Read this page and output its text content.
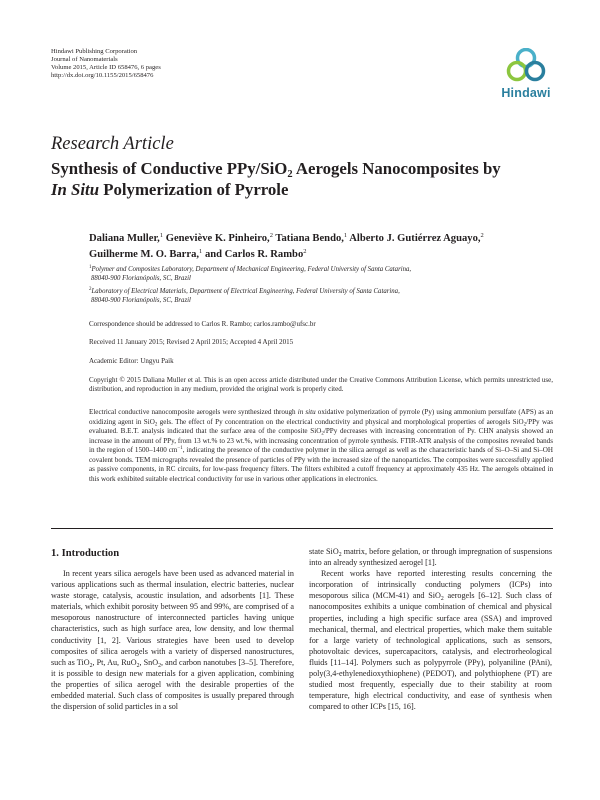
Hindawi Publishing Corporation
Journal of Nanomaterials
Volume 2015, Article ID 658476, 6 pages
http://dx.doi.org/10.1155/2015/658476
Hindawi
Research Article
Synthesis of Conductive PPy/SiO$_2$ Aerogels Nanocomposites by
In Situ Polymerization of Pyrrole
Daliana Muller,$^1$ Geneviève K. Pinheiro,$^2$ Tatiana Bendo,$^1$ Alberto J. Gutiérrez Aguayo,$^2$
Guilherme M. O. Barra,$^1$ and Carlos R. Rambo$^2$
$^1$Polymer and Composites Laboratory, Department of Mechanical Engineering, Federal University of Santa Catarina,
88040-900 Florianópolis, SC, Brazil
$^2$Laboratory of Electrical Materials, Department of Electrical Engineering, Federal University of Santa Catarina,
88040-900 Florianópolis, SC, Brazil
Correspondence should be addressed to Carlos R. Rambo; carlos.rambo@ufsc.br
Received 11 January 2015; Revised 2 April 2015; Accepted 4 April 2015
Academic Editor: Ungyu Paik
Copyright © 2015 Daliana Muller et al. This is an open access article distributed under the Creative Commons Attribution License, which permits unrestricted use, distribution, and reproduction in any medium, provided the original work is properly cited.
Electrical conductive nanocomposite aerogels were synthesized through in situ oxidative polymerization of pyrrole (Py) using ammonium persulfate (APS) as an oxidizing agent in SiO$_2$ gels. The effect of Py concentration on the electrical conductivity and physical and morphological properties of aerogels SiO$_2$/PPy was evaluated. B.E.T. analysis indicated that the surface area of the composite SiO$_2$/PPy decreases with increasing concentration of Py. CHN analysis showed an increase in the amount of PPy, from 13 wt.% to 23 wt.%, with increasing concentration of pyrrole synthesis. FTIR-ATR analysis of the composites revealed bands in the region of 1500–1400 $cm^{-1}$, indicating the presence of the conductive polymer in the silica aerogel as well as the characteristic bands of Si–O–Si and Si–OH covalent bonds. TEM micrographs revealed the presence of particles of PPy with the increased size of the nanoparticles. The composites were successfully applied as passive components, in RC circuits, for low-pass frequency filters. The filters exhibited a cutoff frequency at approximately 435 Hz. The aerogels obtained in this work exhibited suitable electrical conductivity for use in various other applications in electronics.
1. Introduction

In recent years silica aerogels have been used as advanced material in various applications such as thermal insulation, electric batteries, nuclear waste storage, catalysis, acoustic insulation, and adsorbents [1]. These materials, which exhibit porosity between 95 and 99%, are comprised of a mesoporous nanostructure of interconnected particles having unique characteristics, such as high surface area, low density, and low thermal conductivity [1, 2]. Various strategies have been used to develop composites of silica aerogels with a variety of dispersed nanostructures, such as TiO$_2$, Pt, Au, RuO$_2$, SnO$_2$, and carbon nanotubes [3–5]. Therefore, it is possible to design new materials for a given application, combining the properties of silica aerogel with the desirable properties of the embedded material. Such class of composites is usually prepared through the dispersion of solid particles in a sol

state SiO$_2$ matrix, before gelation, or through impregnation of suspensions into an already synthesized aerogel [1].

Recent works have reported interesting results concerning the incorporation of intrinsically conducting polymers (ICPs) into mesoporous silica (MCM-41) and SiO$_2$ aerogels [6–12]. Such class of nanocomposites exhibits a unique combination of chemical and physical properties, including a high specific surface area (SSA) and improved mechanical, thermal, and electrical properties, which make them suitable for a large variety of technological applications, such as sensors, photovoltaic devices, supercapacitors, catalysis, and electrorheological fluids [11–14]. Polymers such as polypyrrole (PPy), polyaniline (PAni), poly(3,4-ethylenedioxythiophene) (PEDOT), and polythiophene (PT) are studied most frequently, especially due to their stability at room temperature, high electrical conductivity, and ease of synthesis when compared to other ICPs [15, 16].
